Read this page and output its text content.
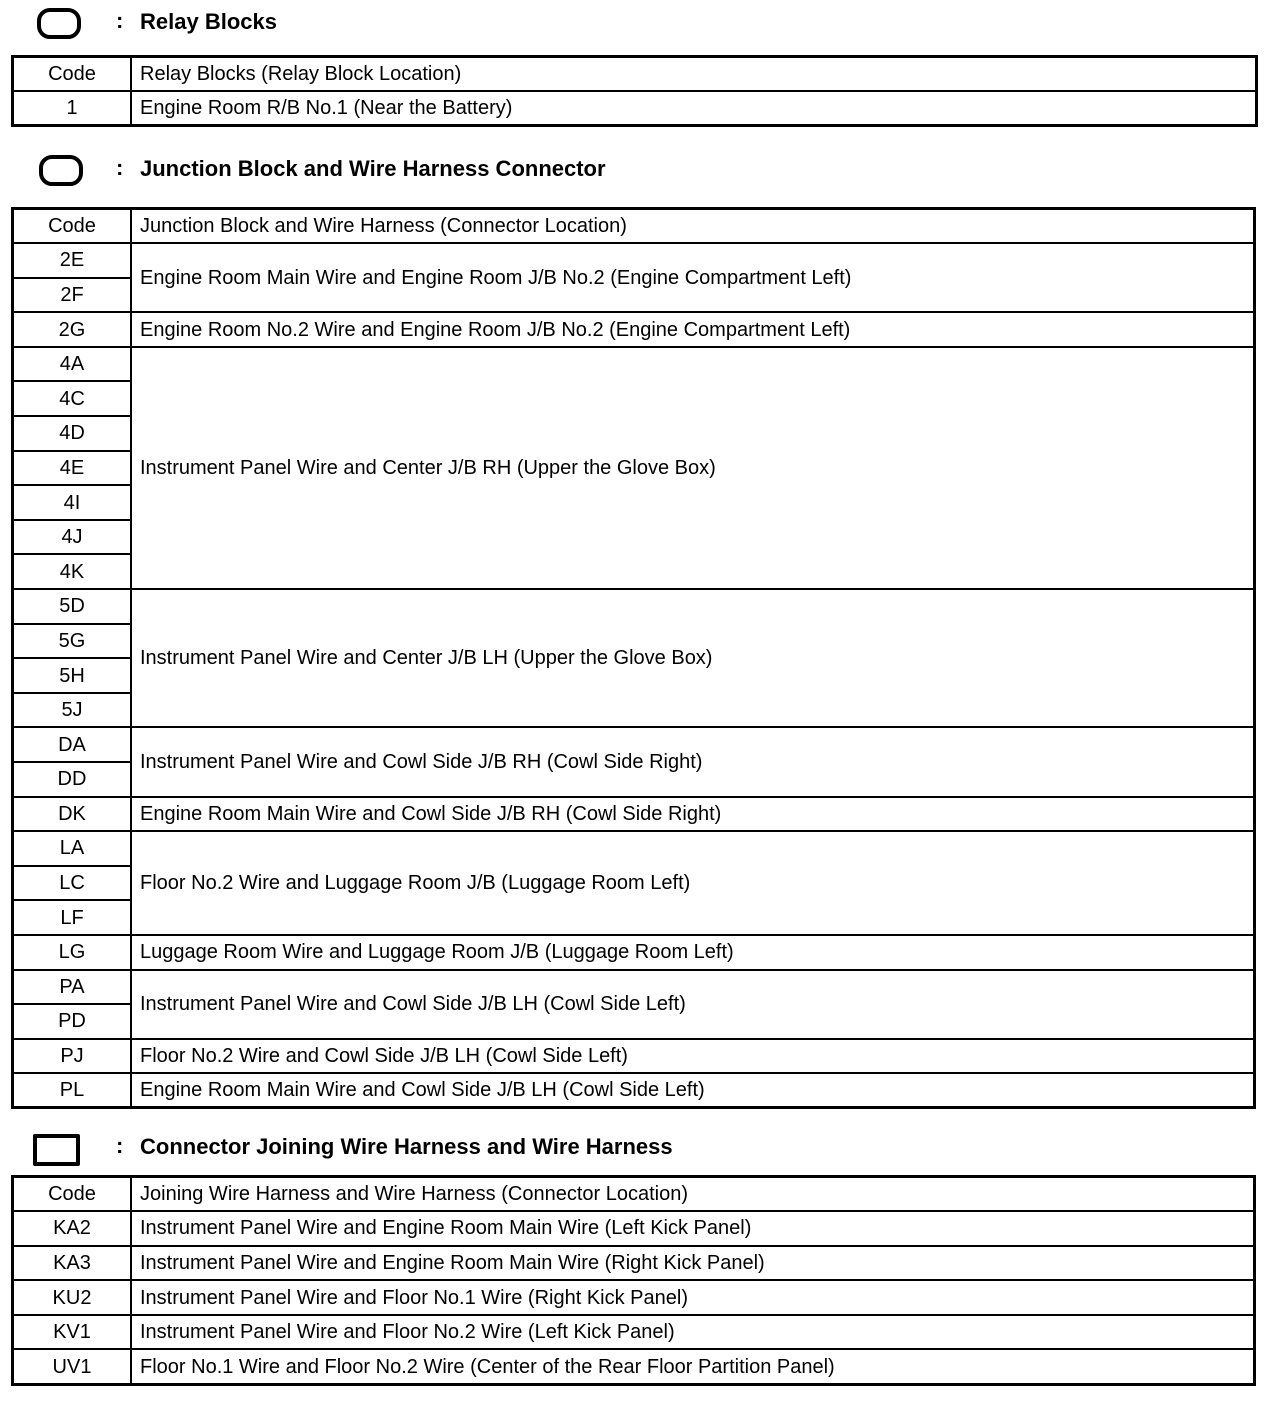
: Relay Blocks
Code	Relay Blocks (Relay Block Location)
1	Engine Room R/B No.1 (Near the Battery)
: Junction Block and Wire Harness Connector
Code	Junction Block and Wire Harness (Connector Location)
2E	Engine Room Main Wire and Engine Room J/B No.2 (Engine Compartment Left)
2F	
2G	Engine Room No.2 Wire and Engine Room J/B No.2 (Engine Compartment Left)
4A	Instrument Panel Wire and Center J/B RH (Upper the Glove Box)
4C	
4D	
4E	
4I	
4J	
4K	
5D	Instrument Panel Wire and Center J/B LH (Upper the Glove Box)
5G	
5H	
5J	
DA	Instrument Panel Wire and Cowl Side J/B RH (Cowl Side Right)
DD	
DK	Engine Room Main Wire and Cowl Side J/B RH (Cowl Side Right)
LA	Floor No.2 Wire and Luggage Room J/B (Luggage Room Left)
LC	
LF	
LG	Luggage Room Wire and Luggage Room J/B (Luggage Room Left)
PA	Instrument Panel Wire and Cowl Side J/B LH (Cowl Side Left)
PD	
PJ	Floor No.2 Wire and Cowl Side J/B LH (Cowl Side Left)
PL	Engine Room Main Wire and Cowl Side J/B LH (Cowl Side Left)
: Connector Joining Wire Harness and Wire Harness
Code	Joining Wire Harness and Wire Harness (Connector Location)
KA2	Instrument Panel Wire and Engine Room Main Wire (Left Kick Panel)
KA3	Instrument Panel Wire and Engine Room Main Wire (Right Kick Panel)
KU2	Instrument Panel Wire and Floor No.1 Wire (Right Kick Panel)
KV1	Instrument Panel Wire and Floor No.2 Wire (Left Kick Panel)
UV1	Floor No.1 Wire and Floor No.2 Wire (Center of the Rear Floor Partition Panel)
